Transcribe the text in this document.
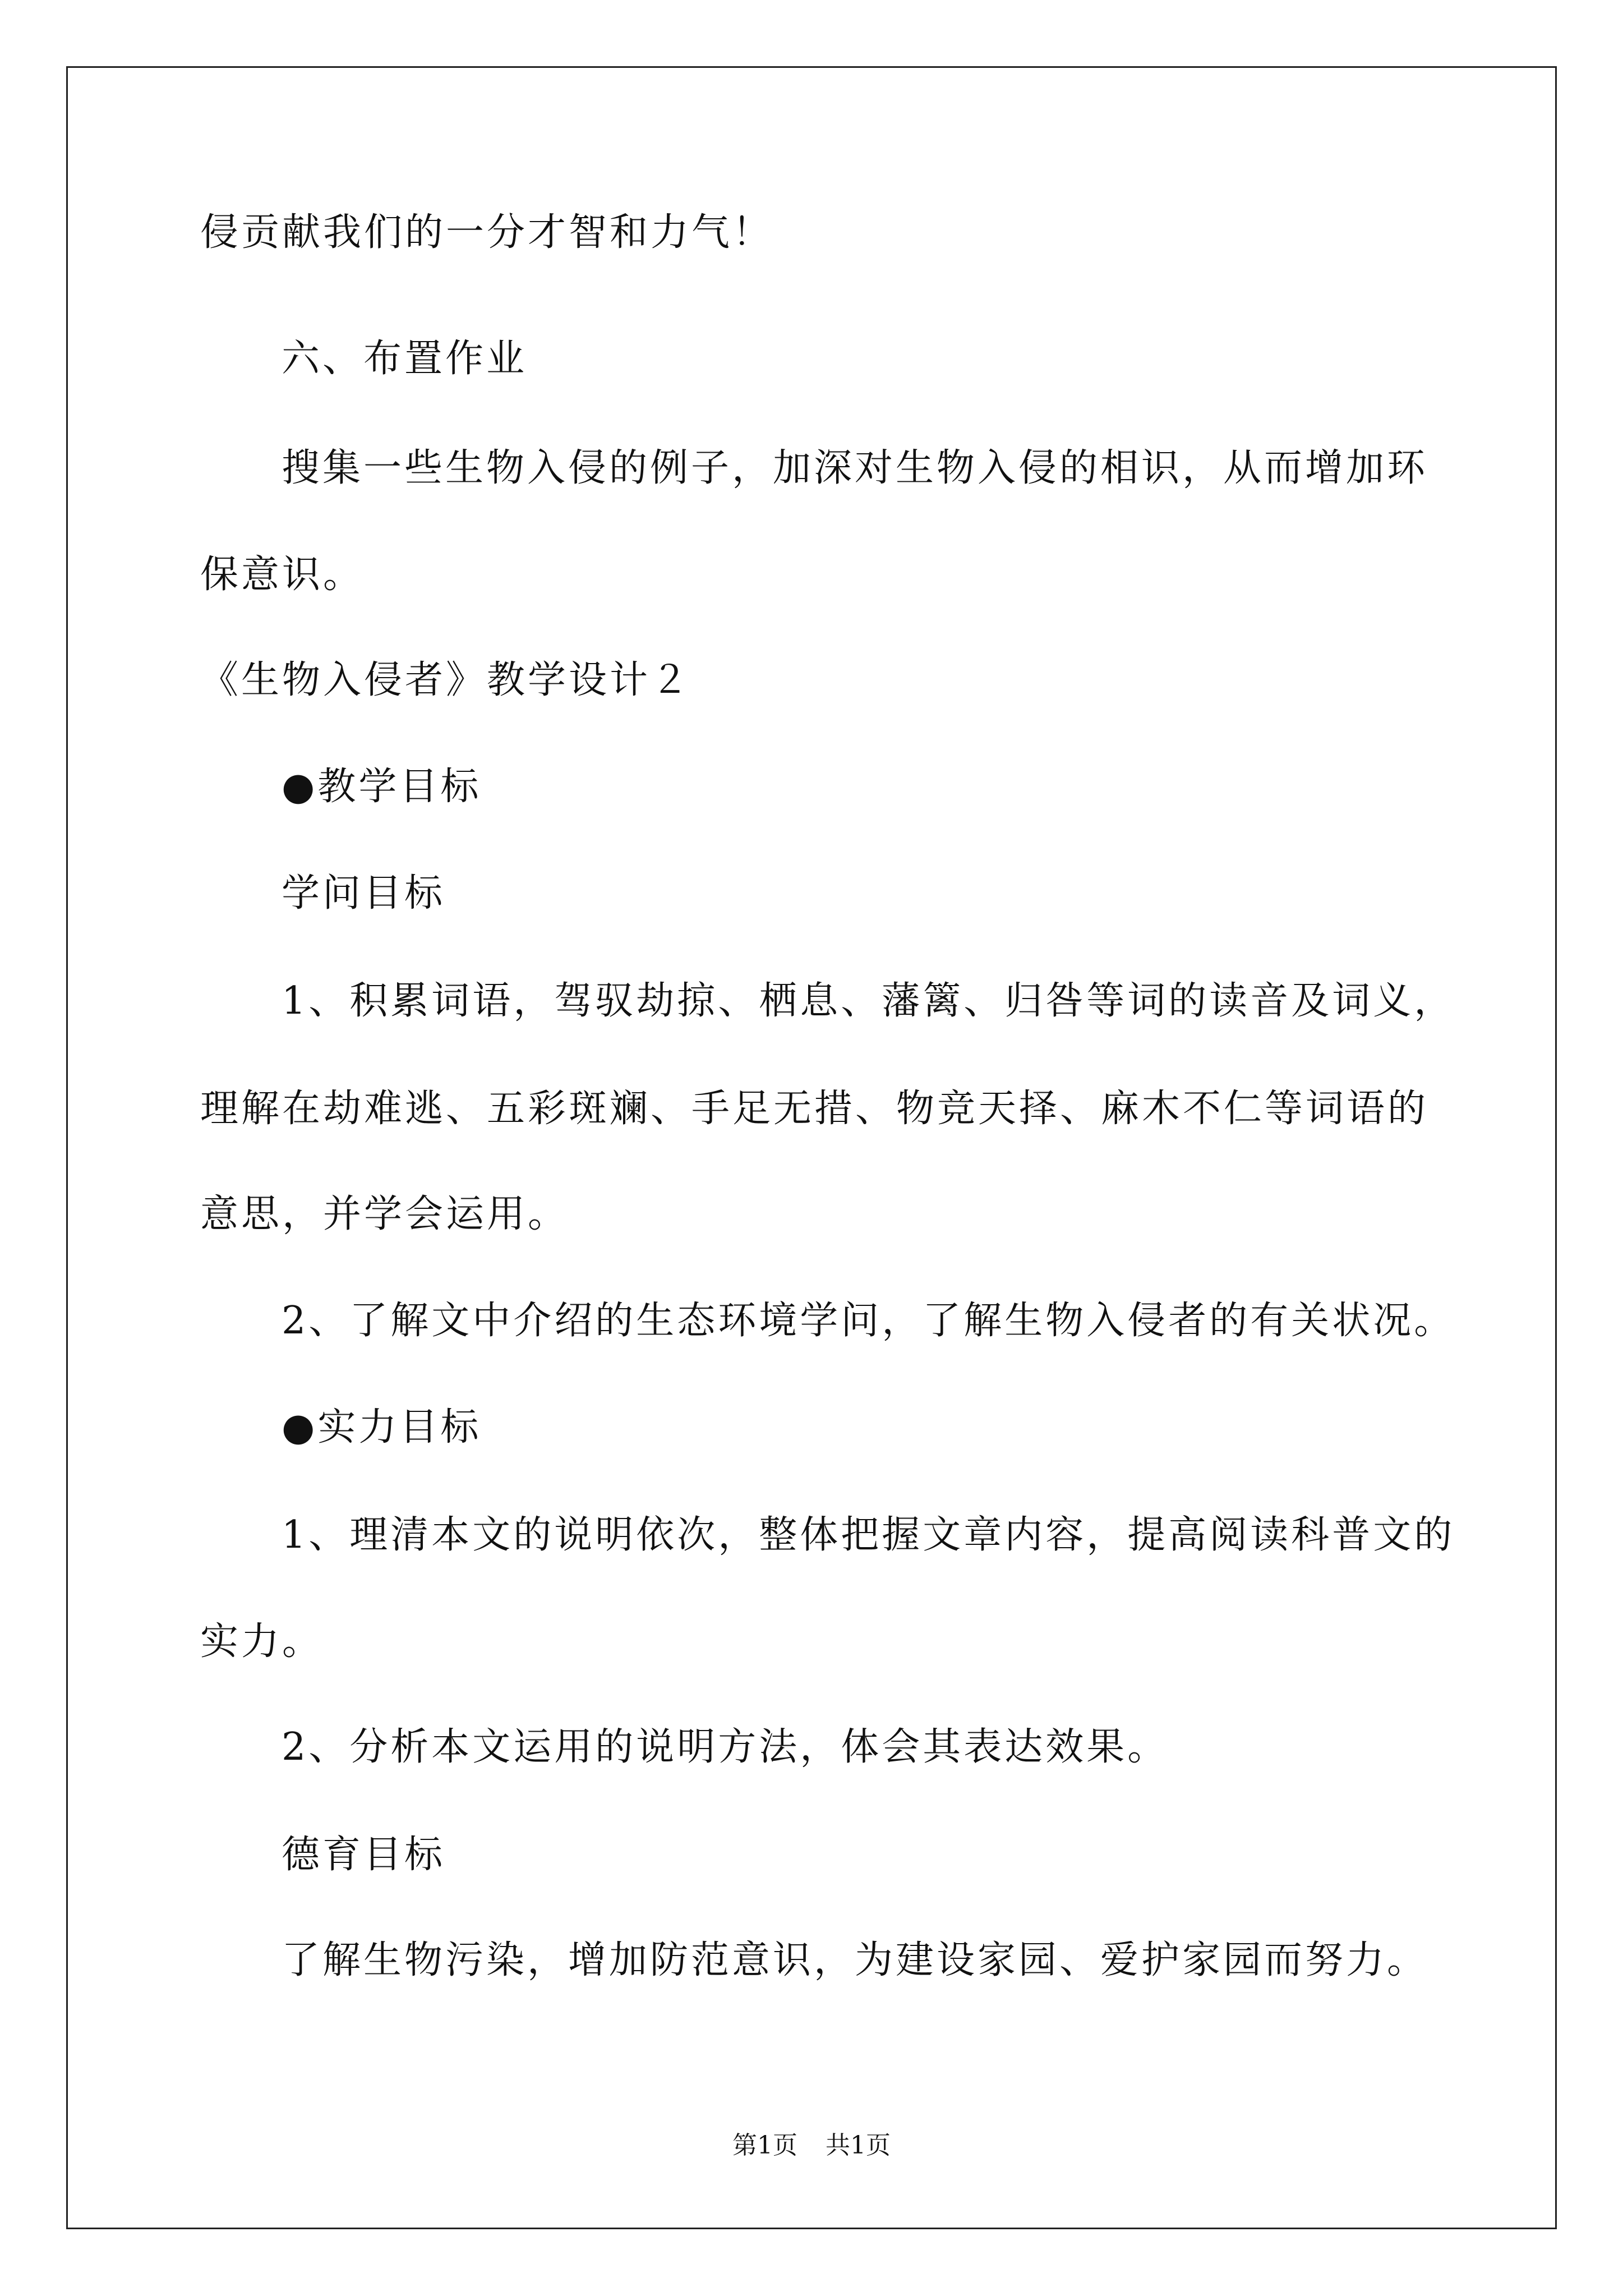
侵贡献我们的一分才智和力气！
六、布置作业
搜集一些生物入侵的例子，加深对生物入侵的相识，从而增加环
保意识。
《生物入侵者》教学设计２
●教学目标
学问目标
1、积累词语，驾驭劫掠、栖息、藩篱、归咎等词的读音及词义，
理解在劫难逃、五彩斑斓、手足无措、物竞天择、麻木不仁等词语的
意思，并学会运用。
2、了解文中介绍的生态环境学问，了解生物入侵者的有关状况。
●实力目标
1、理清本文的说明依次，整体把握文章内容，提高阅读科普文的
实力。
2、分析本文运用的说明方法，体会其表达效果。
德育目标
了解生物污染，增加防范意识，为建设家园、爱护家园而努力。
第1页 共1页
